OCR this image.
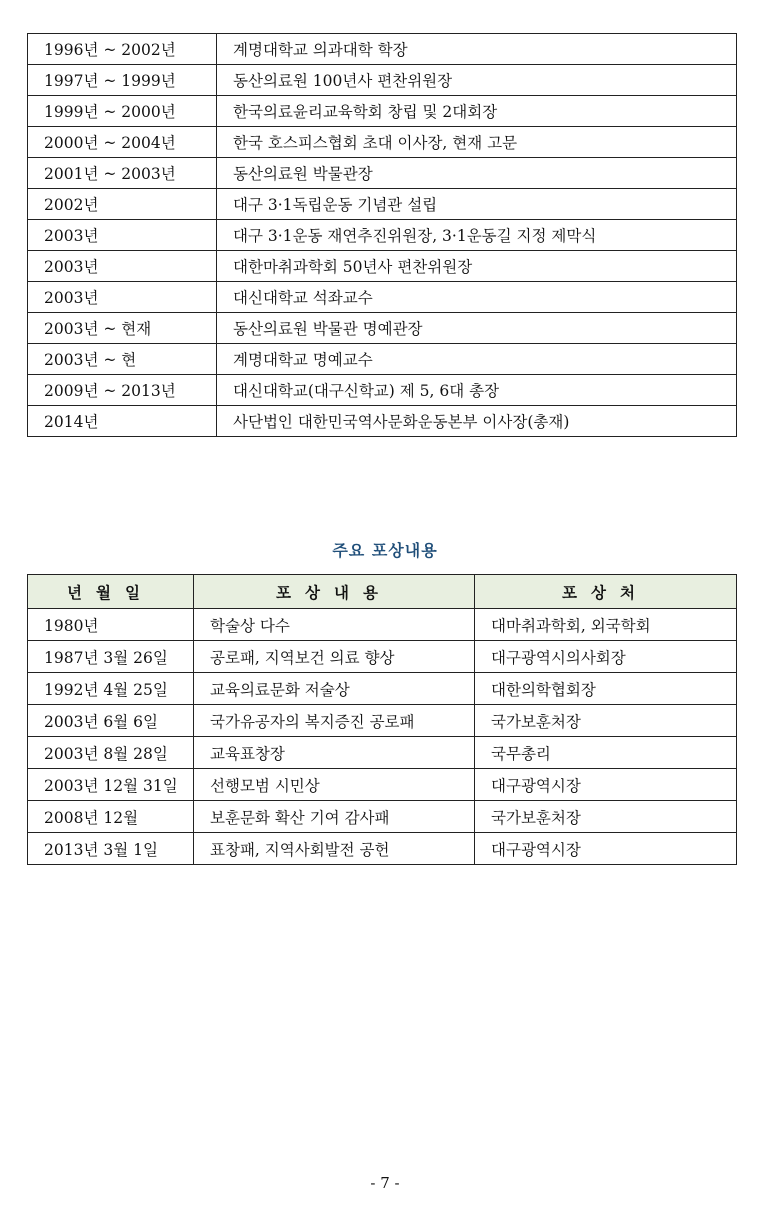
1996년 ~ 2002년	계명대학교 의과대학 학장
1997년 ~ 1999년	동산의료원 100년사 편찬위원장
1999년 ~ 2000년	한국의료윤리교육학회 창립 및 2대회장
2000년 ~ 2004년	한국 호스피스협회 초대 이사장, 현재 고문
2001년 ~ 2003년	동산의료원 박물관장
2002년	대구 3·1독립운동 기념관 설립
2003년	대구 3·1운동 재연추진위원장, 3·1운동길 지정 제막식
2003년	대한마취과학회 50년사 편찬위원장
2003년	대신대학교 석좌교수
2003년 ~ 현재	동산의료원 박물관 명예관장
2003년 ~ 현	계명대학교 명예교수
2009년 ~ 2013년	대신대학교(대구신학교) 제 5, 6대 총장
2014년	사단법인 대한민국역사문화운동본부 이사장(총재)
주요 포상내용
년월일	포상내용	포상처
1980년	학술상 다수	대마취과학회, 외국학회
1987년 3월 26일	공로패, 지역보건 의료 향상	대구광역시의사회장
1992년 4월 25일	교육의료문화 저술상	대한의학협회장
2003년 6월 6일	국가유공자의 복지증진 공로패	국가보훈처장
2003년 8월 28일	교육표창장	국무총리
2003년 12월 31일	선행모범 시민상	대구광역시장
2008년 12월	보훈문화 확산 기여 감사패	국가보훈처장
2013년 3월 1일	표창패, 지역사회발전 공헌	대구광역시장
- 7 -
